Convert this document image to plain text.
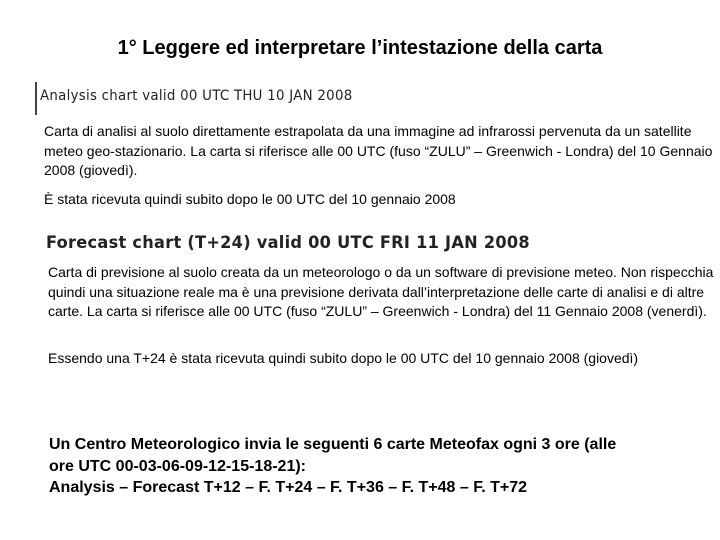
1° Leggere ed interpretare l’intestazione della carta
Analysis chart valid 00 UTC THU 10 JAN 2008
Carta di analisi al suolo direttamente estrapolata da una immagine ad infrarossi pervenuta da un satellite meteo geo-stazionario. La carta si riferisce alle 00 UTC (fuso “ZULU” – Greenwich - Londra) del 10 Gennaio 2008 (giovedì).
È stata ricevuta quindi subito dopo le 00 UTC del 10 gennaio 2008
Forecast chart (T+24) valid 00 UTC FRI 11 JAN 2008
Carta di previsione al suolo creata da un meteorologo o da un software di previsione meteo. Non rispecchia quindi una situazione reale ma è una previsione derivata dall’interpretazione delle carte di analisi e di altre carte. La carta si riferisce alle 00 UTC (fuso “ZULU” – Greenwich - Londra) del 11 Gennaio 2008 (venerdì).
Essendo una T+24 è stata ricevuta quindi subito dopo le 00 UTC del 10 gennaio 2008 (giovedì)
Un Centro Meteorologico invia le seguenti 6 carte Meteofax ogni 3 ore (alle
ore UTC 00-03-06-09-12-15-18-21):
Analysis – Forecast T+12 – F. T+24 – F. T+36 – F. T+48 – F. T+72
